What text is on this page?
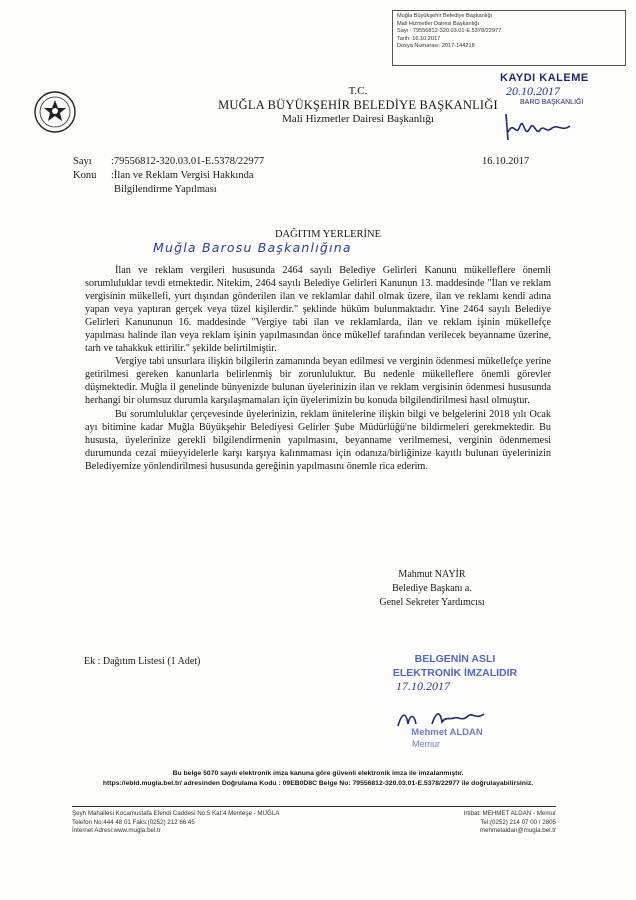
Muğla Büyükşehir Belediye Başkanlığı
Mali Hizmetler Dairesi Başkanlığı
Sayı : 79556812-320.03.01-E.5378/22977
Tarih: 16.10.2017
Dosya Numarası: 2017-144218
KAYDI KALEME
20.10.2017
BARO BAŞKANLIĞI
T.C.
MUĞLA BÜYÜKŞEHİR BELEDİYE BAŞKANLIĞI
Mali Hizmetler Dairesi Başkanlığı
Sayı :79556812-320.03.01-E.5378/22977	16.10.2017
Konu :İlan ve Reklam Vergisi Hakkında
Bilgilendirme Yapılması
DAĞITIM YERLERİNE
Muğla Barosu Başkanlığına

İlan ve reklam vergileri hususunda 2464 sayılı Belediye Gelirleri Kanunu mükelleflere önemli sorumluluklar tevdi etmektedir. Nitekim, 2464 sayılı Belediye Gelirleri Kanunun 13. maddesinde "İlan ve reklam vergisinin mükellefi, yurt dışından gönderilen ilan ve reklamlar dahil olmak üzere, ilan ve reklamı kendi adına yapan veya yaptıran gerçek veya tüzel kişilerdir." şeklinde hüküm bulunmaktadır. Yine 2464 sayılı Belediye Gelirleri Kanununun 16. maddesinde "Vergiye tabi ilan ve reklamlarda, ilan ve reklam işinin mükellefçe yapılması halinde ilan veya reklam işinin yapılmasından önce mükellef tarafından verilecek beyanname üzerine, tarh ve tahakkuk ettirilir." şekilde belirtilmiştir.

Vergiye tabi unsurlara ilişkin bilgilerin zamanında beyan edilmesi ve verginin ödenmesi mükellefçe yerine getirilmesi gereken kanunlarla belirlenmiş bir zorunluluktur. Bu nedenle mükelleflere önemli görevler düşmektedir. Muğla il genelinde bünyenizde bulunan üyelerinizin ilan ve reklam vergisinin ödenmesi hususunda herhangi bir olumsuz durumla karşılaşmamaları için üyelerimizin bu konuda bilgilendirilmesi hasıl olmuştur.

Bu sorumluluklar çerçevesinde üyelerinizin, reklam ünitelerine ilişkin bilgi ve belgelerini 2018 yılı Ocak ayı bitimine kadar Muğla Büyükşehir Belediyesi Gelirler Şube Müdürlüğü'ne bildirmeleri gerekmektedir. Bu hususta, üyelerinize gerekli bilgilendirmenin yapılmasını, beyanname verilmemesi, verginin ödenmemesi durumunda cezai müeyyidelerle karşı karşıya kalınmaması için odanıza/birliğinize kayıtlı bulunan üyelerinizin Belediyemize yönlendirilmesi hususunda gereğinin yapılmasını önemle rica ederim.

Mahmut NAYİR
Belediye Başkanı a.
Genel Sekreter Yardımcısı
Ek : Dağıtım Listesi (1 Adet)	BELGENİN ASLI
ELEKTRONİK İMZALIDIR
17.10.2017
Mehmet ALDAN
Memur
Bu belge 5070 sayılı elektronik imza kanuna göre güvenli elektronik imza ile imzalanmıştır.
https://ebld.mugla.bel.tr/ adresinden Doğrulama Kodu : 09EB0D8C Belge No: 79556812-320.03.01-E.5378/22977 ile doğrulayabilirsiniz.
Şeyh Mahallesi Kocamustafa Efendi Caddesi No:5 Kat:4 Menteşe - MUĞLA
Telefon No:444 48 01 Faks:(0252) 212 66 45
İnternet Adresi:www.mugla.bel.tr
Irtibat: MEHMET ALDAN - Memur
Tel:(0252) 214 07 00 / 2805
mehmetaldan@mugla.bel.tr
